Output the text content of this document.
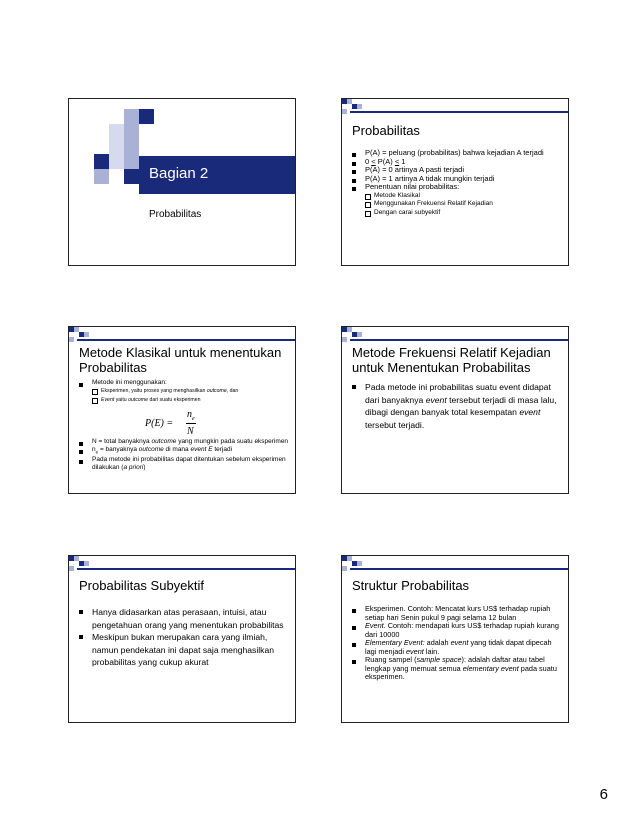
Bagian 2
Probabilitas
Probabilitas
P(A) = peluang (probabilitas) bahwa kejadian A terjadi
0 < P(A) < 1
P(A) = 0 artinya A pasti terjadi
P(A) = 1 artinya A tidak mungkin terjadi
Penentuan nilai probabilitas:
Metode Klasikal
Menggunakan Frekuensi Relatif Kejadian
Dengan carai subyektif
Metode Klasikal untuk menentukan
Probabilitas
Metode ini menggunakan:
Eksperimen, yaitu proses yang menghasilkan outcome, dan
Event yaitu outcome dari suatu eksperimen
P(E) =
$n_e$
N
N = total banyaknya outcome yang mungkin pada suatu eksperimen
$n_e$ = banyaknya outcome di mana event E terjadi
Pada metode ini probabilitas dapat ditentukan sebelum eksperimen dilakukan (a priori)
Metode Frekuensi Relatif Kejadian
untuk Menentukan Probabilitas
Pada metode ini probabilitas suatu event didapat dari banyaknya event tersebut terjadi di masa lalu, dibagi dengan banyak total kesempatan event tersebut terjadi.
Probabilitas Subyektif
Hanya didasarkan atas perasaan, intuisi, atau pengetahuan orang yang menentukan probabilitas
Meskipun bukan merupakan cara yang ilmiah, namun pendekatan ini dapat saja menghasilkan probabilitas yang cukup akurat
Struktur Probabilitas
Eksperimen. Contoh: Mencatat kurs US$ terhadap rupiah setiap hari Senin pukul 9 pagi selama 12 bulan
Event. Contoh: mendapati kurs US$ terhadap rupiah kurang dari 10000
Elementary Event: adalah event yang tidak dapat dipecah lagi menjadi event lain.
Ruang sampel (sample space): adalah daftar atau tabel lengkap yang memuat semua elementary event pada suatu eksperimen.
6
